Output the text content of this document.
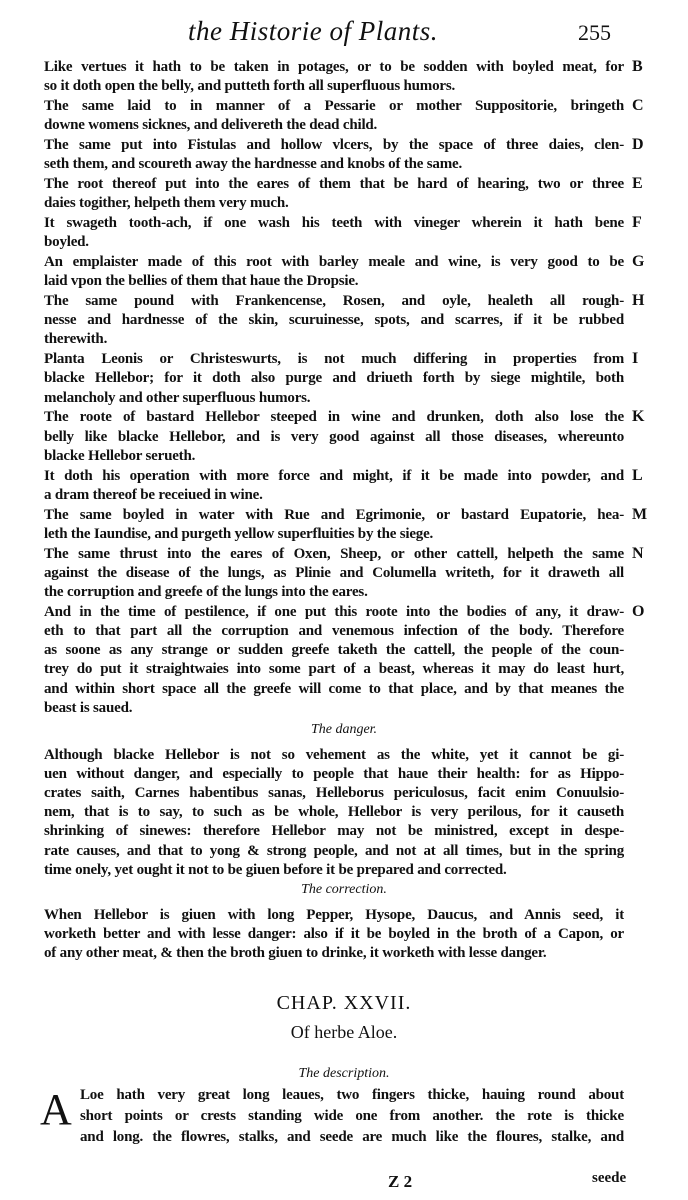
the Historie of Plants.	255
B
Like vertues it hath to be taken in potages, or to be sodden with boyled meat, for
so it doth open the belly, and putteth forth all superfluous humors.
C
The same laid to in manner of a Pessarie or mother Suppositorie, bringeth
downe womens sicknes, and delivereth the dead child.
D
The same put into Fistulas and hollow vlcers, by the space of three daies, clen-
seth them, and scoureth away the hardnesse and knobs of the same.
E
The root thereof put into the eares of them that be hard of hearing, two or three
daies togither, helpeth them very much.
F
It swageth tooth-ach, if one wash his teeth with vineger wherein it hath bene
boyled.
G
An emplaister made of this root with barley meale and wine, is very good to be
laid vpon the bellies of them that haue the Dropsie.
H
The same pound with Frankencense, Rosen, and oyle, healeth all rough-
nesse and hardnesse of the skin, scuruinesse, spots, and scarres, if it be rubbed
therewith.
I
Planta Leonis or Christeswurts, is not much differing in properties from
blacke Hellebor; for it doth also purge and driueth forth by siege mightile, both
melancholy and other superfluous humors.
K
The roote of bastard Hellebor steeped in wine and drunken, doth also lose the
belly like blacke Hellebor, and is very good against all those diseases, whereunto
blacke Hellebor serueth.
L
It doth his operation with more force and might, if it be made into powder, and
a dram thereof be receiued in wine.
M
The same boyled in water with Rue and Egrimonie, or bastard Eupatorie, hea-
leth the Iaundise, and purgeth yellow superfluities by the siege.
N
The same thrust into the eares of Oxen, Sheep, or other cattell, helpeth the same
against the disease of the lungs, as Plinie and Columella writeth, for it draweth all
the corruption and greefe of the lungs into the eares.
O
And in the time of pestilence, if one put this roote into the bodies of any, it draw-
eth to that part all the corruption and venemous infection of the body. Therefore
as soone as any strange or sudden greefe taketh the cattell, the people of the coun-
trey do put it straightwaies into some part of a beast, whereas it may do least hurt,
and within short space all the greefe will come to that place, and by that meanes the
beast is saued.
The danger.
Although blacke Hellebor is not so vehement as the white, yet it cannot be gi-
uen without danger, and especially to people that haue their health: for as Hippo-
crates saith, Carnes habentibus sanas, Helleborus periculosus, facit enim Conuulsio-
nem, that is to say, to such as be whole, Hellebor is very perilous, for it causeth
shrinking of sinewes: therefore Hellebor may not be ministred, except in despe-
rate causes, and that to yong & strong people, and not at all times, but in the spring
time onely, yet ought it not to be giuen before it be prepared and corrected.
The correction.
When Hellebor is giuen with long Pepper, Hysope, Daucus, and Annis seed, it
worketh better and with lesse danger: also if it be boyled in the broth of a Capon, or
of any other meat, & then the broth giuen to drinke, it worketh with lesse danger.
CHAP. XXVII.
Of herbe Aloe.
The description.
A Loe hath very great long leaues, two fingers thicke, hauing round about
short points or crests standing wide one from another. the rote is thicke
and long. the flowres, stalks, and seede are much like the floures, stalke, and
Z 2	seede
